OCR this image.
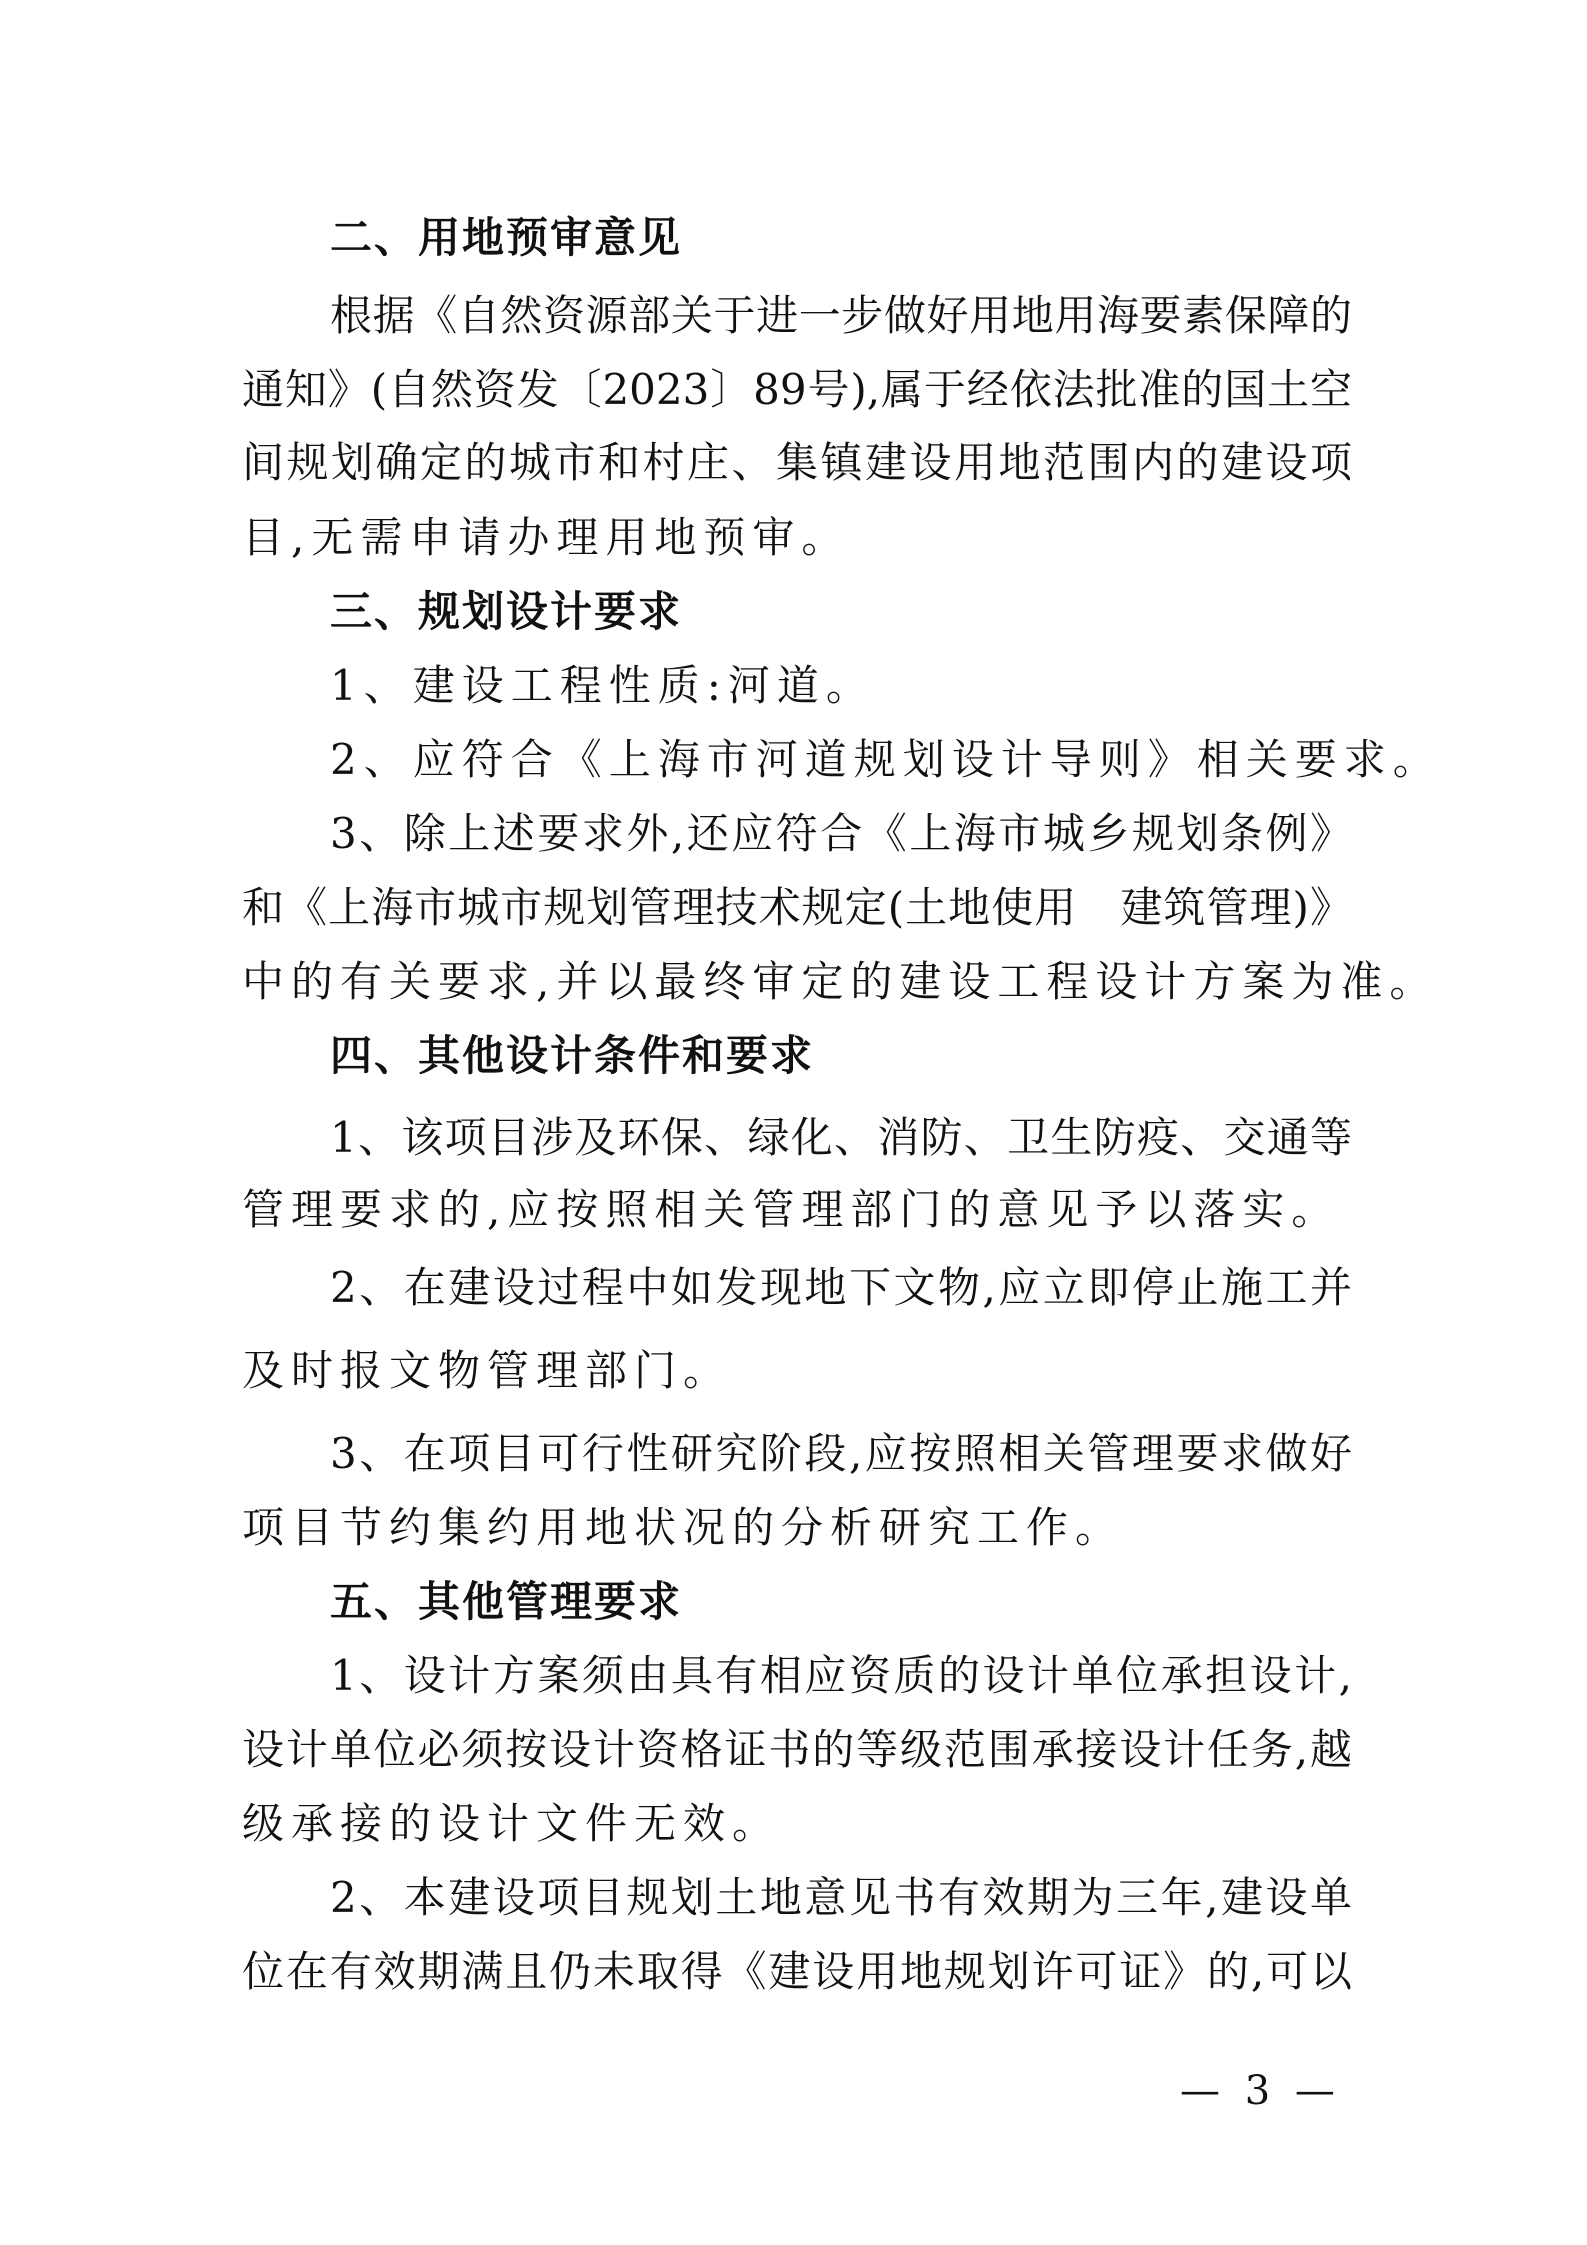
二、用地预审意见
根据《自然资源部关于进一步做好用地用海要素保障的
通知》(自然资发〔2023〕89号),属于经依法批准的国土空
间规划确定的城市和村庄、集镇建设用地范围内的建设项
目,无需申请办理用地预审。
三、规划设计要求
1、建设工程性质:河道。
2、应符合《上海市河道规划设计导则》相关要求。
3、除上述要求外,还应符合《上海市城乡规划条例》
和《上海市城市规划管理技术规定(土地使用　建筑管理)》
中的有关要求,并以最终审定的建设工程设计方案为准。
四、其他设计条件和要求
1、该项目涉及环保、绿化、消防、卫生防疫、交通等
管理要求的,应按照相关管理部门的意见予以落实。
2、在建设过程中如发现地下文物,应立即停止施工并
及时报文物管理部门。
3、在项目可行性研究阶段,应按照相关管理要求做好
项目节约集约用地状况的分析研究工作。
五、其他管理要求
1、设计方案须由具有相应资质的设计单位承担设计,
设计单位必须按设计资格证书的等级范围承接设计任务,越
级承接的设计文件无效。
2、本建设项目规划土地意见书有效期为三年,建设单
位在有效期满且仍未取得《建设用地规划许可证》的,可以
— 3 —
